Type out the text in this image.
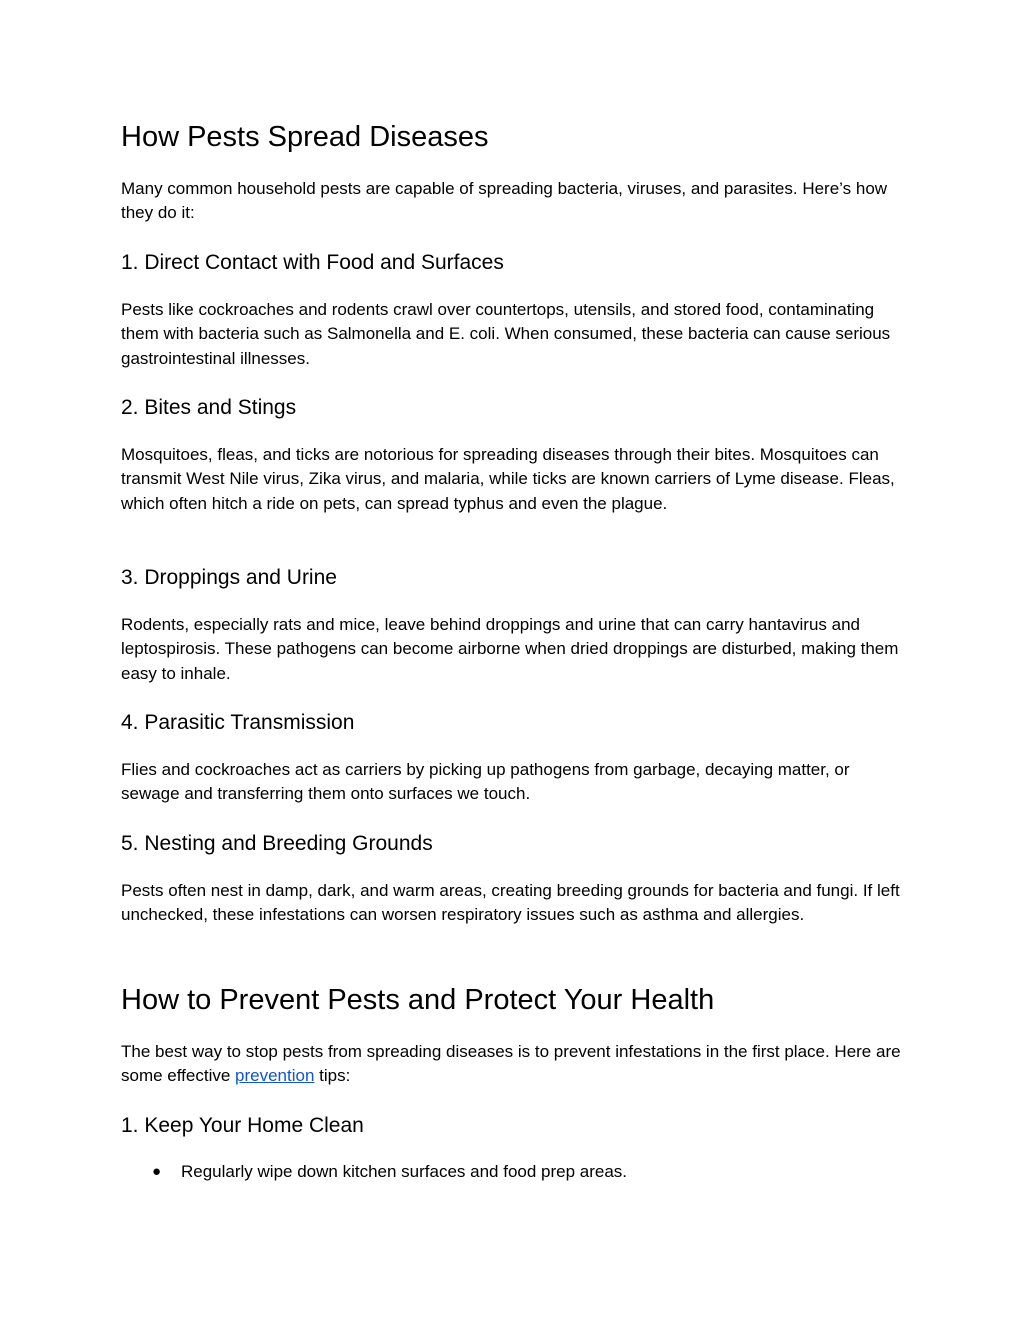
How Pests Spread Diseases

Many common household pests are capable of spreading bacteria, viruses, and parasites. Here’s how they do it:

1. Direct Contact with Food and Surfaces

Pests like cockroaches and rodents crawl over countertops, utensils, and stored food, contaminating them with bacteria such as Salmonella and E. coli. When consumed, these bacteria can cause serious gastrointestinal illnesses.

2. Bites and Stings

Mosquitoes, fleas, and ticks are notorious for spreading diseases through their bites. Mosquitoes can transmit West Nile virus, Zika virus, and malaria, while ticks are known carriers of Lyme disease. Fleas, which often hitch a ride on pets, can spread typhus and even the plague.

3. Droppings and Urine

Rodents, especially rats and mice, leave behind droppings and urine that can carry hantavirus and leptospirosis. These pathogens can become airborne when dried droppings are disturbed, making them easy to inhale.

4. Parasitic Transmission

Flies and cockroaches act as carriers by picking up pathogens from garbage, decaying matter, or sewage and transferring them onto surfaces we touch.

5. Nesting and Breeding Grounds

Pests often nest in damp, dark, and warm areas, creating breeding grounds for bacteria and fungi. If left unchecked, these infestations can worsen respiratory issues such as asthma and allergies.

How to Prevent Pests and Protect Your Health

The best way to stop pests from spreading diseases is to prevent infestations in the first place. Here are some effective prevention tips:

1. Keep Your Home Clean
● Regularly wipe down kitchen surfaces and food prep areas.
